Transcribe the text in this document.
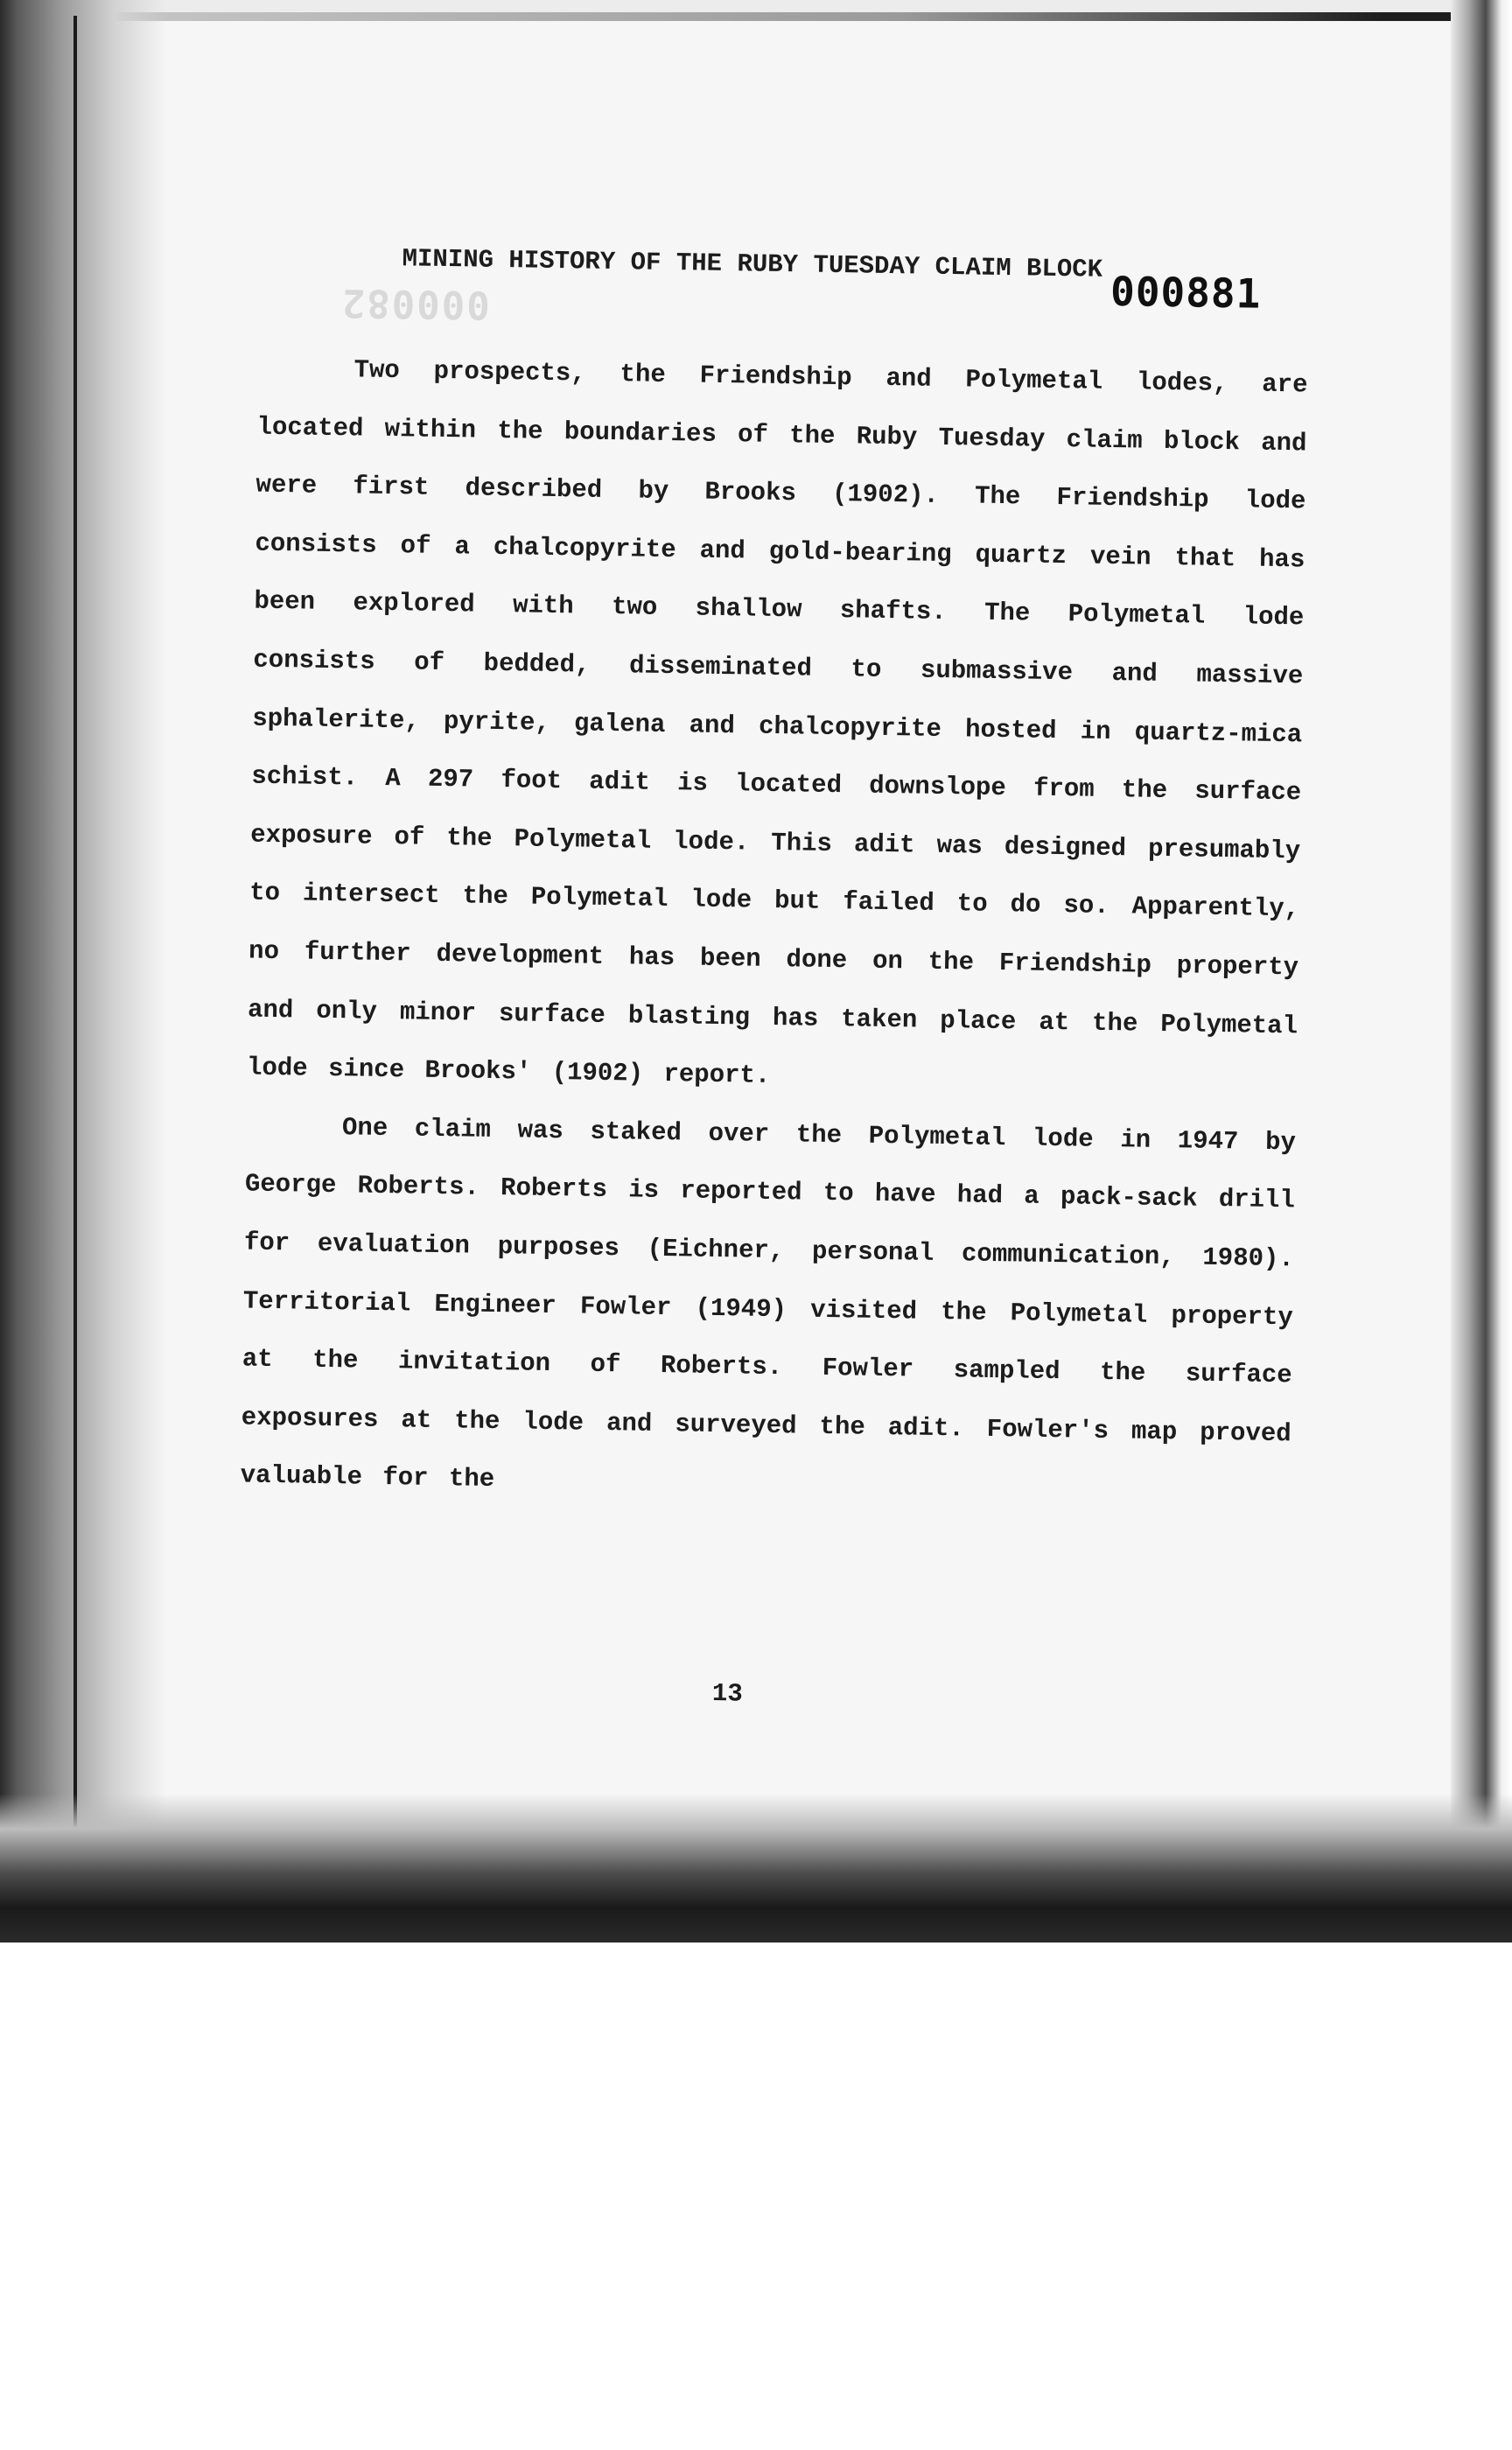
000082
MINING HISTORY OF THE RUBY TUESDAY CLAIM BLOCK
000881

Two prospects, the Friendship and Polymetal lodes, are located within the boundaries of the Ruby Tuesday claim block and were first described by Brooks (1902). The Friendship lode consists of a chalcopyrite and gold-bearing quartz vein that has been explored with two shallow shafts. The Polymetal lode consists of bedded, disseminated to submassive and massive sphalerite, pyrite, galena and chalcopyrite hosted in quartz-mica schist. A 297 foot adit is located downslope from the surface exposure of the Polymetal lode. This adit was designed presumably to intersect the Polymetal lode but failed to do so. Apparently, no further development has been done on the Friendship property and only minor surface blasting has taken place at the Polymetal lode since Brooks' (1902) report.

One claim was staked over the Polymetal lode in 1947 by George Roberts. Roberts is reported to have had a pack-sack drill for evaluation purposes (Eichner, personal communication, 1980). Territorial Engineer Fowler (1949) visited the Polymetal property at the invitation of Roberts. Fowler sampled the surface exposures at the lode and surveyed the adit. Fowler's map proved valuable for the

13
